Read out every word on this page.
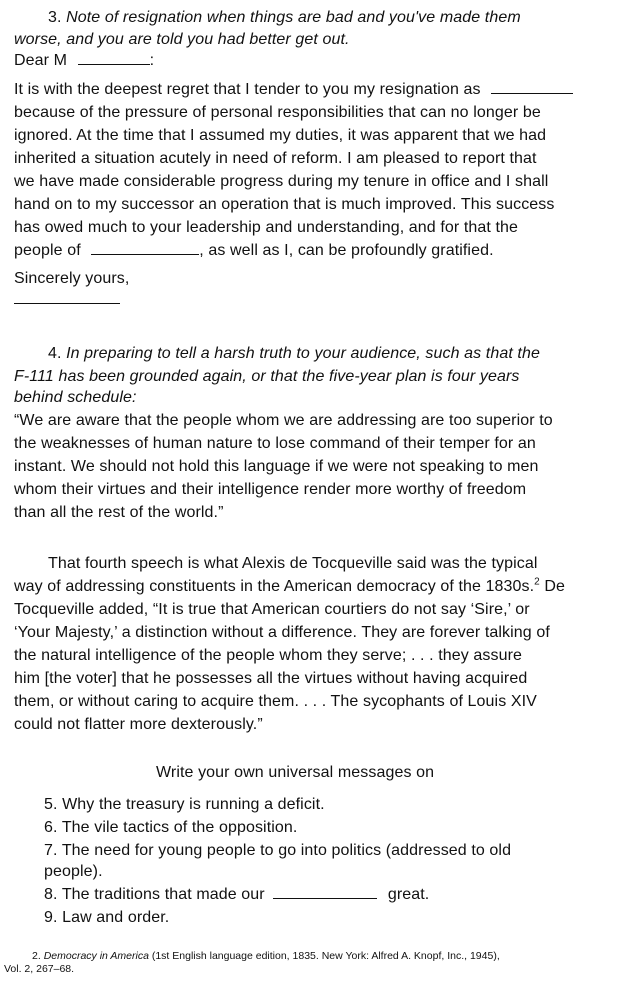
3. Note of resignation when things are bad and you've made them
worse, and you are told you had better get out.
Dear M	:
It is with the deepest regret that I tender to you my resignation as
because of the pressure of personal responsibilities that can no longer be
ignored. At the time that I assumed my duties, it was apparent that we had
inherited a situation acutely in need of reform. I am pleased to report that
we have made considerable progress during my tenure in office and I shall
hand on to my successor an operation that is much improved. This success
has owed much to your leadership and understanding, and for that the
people of	, as well as I, can be profoundly gratified.
Sincerely yours,
4. In preparing to tell a harsh truth to your audience, such as that the
F-111 has been grounded again, or that the five-year plan is four years
behind schedule:
“We are aware that the people whom we are addressing are too superior to
the weaknesses of human nature to lose command of their temper for an
instant. We should not hold this language if we were not speaking to men
whom their virtues and their intelligence render more worthy of freedom
than all the rest of the world.”
That fourth speech is what Alexis de Tocqueville said was the typical
way of addressing constituents in the American democracy of the 1830s.$^2$ De
Tocqueville added, “It is true that American courtiers do not say ‘Sire,’ or
‘Your Majesty,’ a distinction without a difference. They are forever talking of
the natural intelligence of the people whom they serve; . . . they assure
him [the voter] that he possesses all the virtues without having acquired
them, or without caring to acquire them. . . . The sycophants of Louis XIV
could not flatter more dexterously.”
Write your own universal messages on
5. Why the treasury is running a deficit.
6. The vile tactics of the opposition.
7. The need for young people to go into politics (addressed to old
people).
8. The traditions that made our	great.
9. Law and order.
2. Democracy in America (1st English language edition, 1835. New York: Alfred A. Knopf, Inc., 1945),
Vol. 2, 267–68.
